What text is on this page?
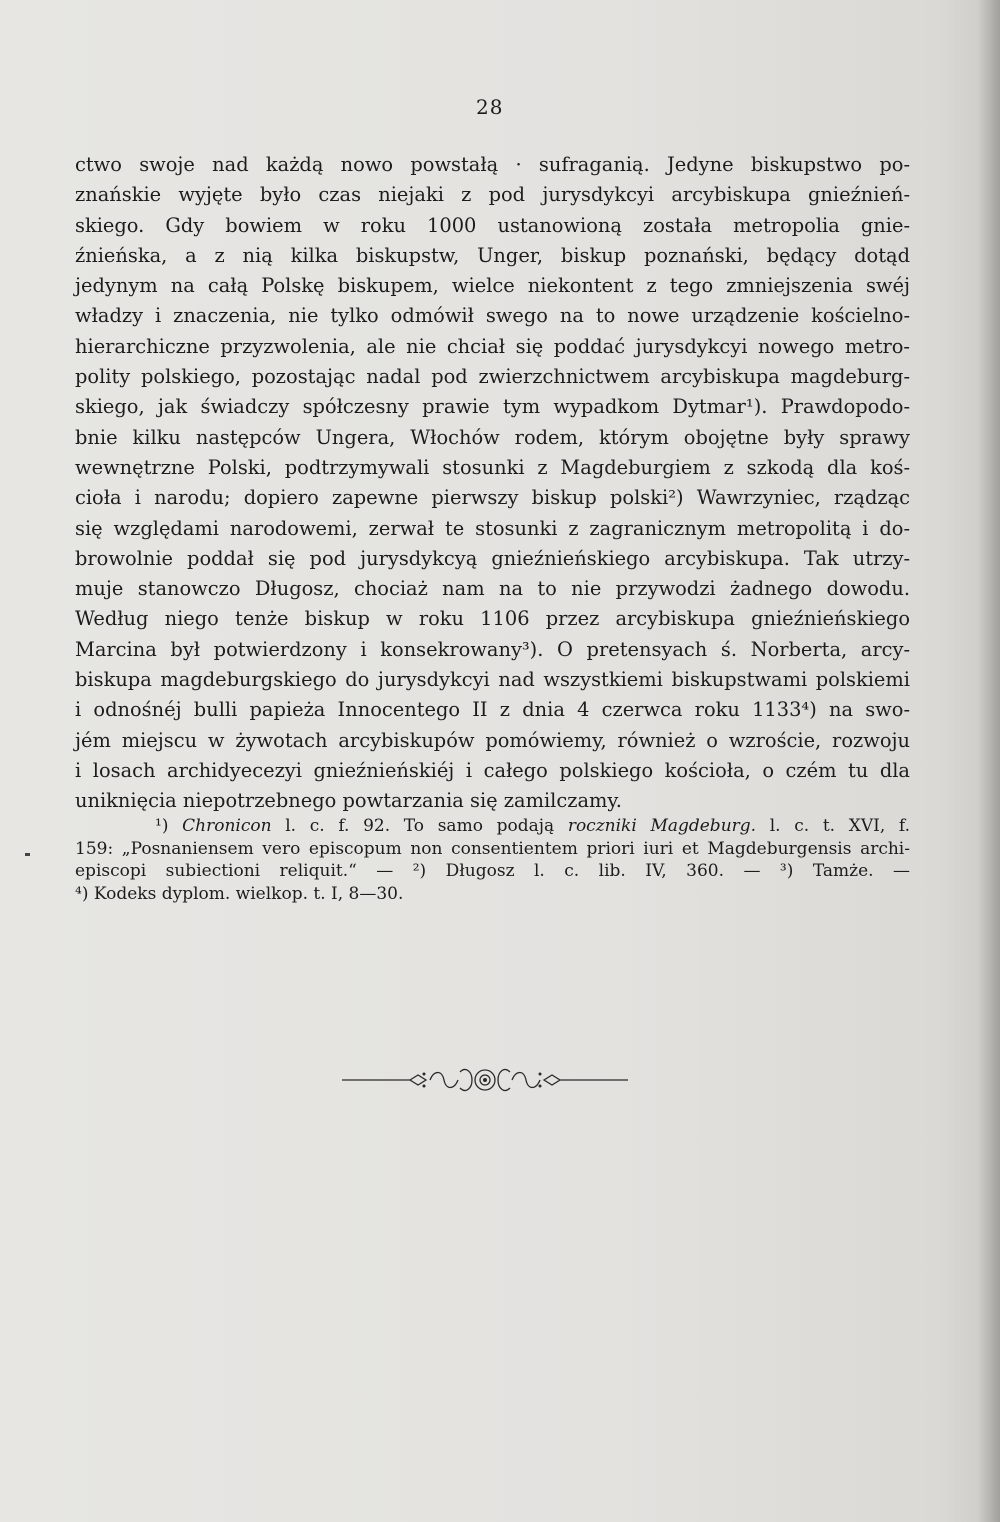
28
ctwo swoje nad każdą nowo powstałą · sufraganią. Jedyne biskupstwo po-
znańskie wyjęte było czas niejaki z pod jurysdykcyi arcybiskupa gnieźnień-
skiego. Gdy bowiem w roku 1000 ustanowioną została metropolia gnie-
źnieńska, a z nią kilka biskupstw, Unger, biskup poznański, będący dotąd
jedynym na całą Polskę biskupem, wielce niekontent z tego zmniejszenia swéj
władzy i znaczenia, nie tylko odmówił swego na to nowe urządzenie kościelno-
hierarchiczne przyzwolenia, ale nie chciał się poddać jurysdykcyi nowego metro-
polity polskiego, pozostając nadal pod zwierzchnictwem arcybiskupa magdeburg-
skiego, jak świadczy spółczesny prawie tym wypadkom Dytmar¹). Prawdopodo-
bnie kilku następców Ungera, Włochów rodem, którym obojętne były sprawy
wewnętrzne Polski, podtrzymywali stosunki z Magdeburgiem z szkodą dla koś-
cioła i narodu; dopiero zapewne pierwszy biskup polski²) Wawrzyniec, rządząc
się względami narodowemi, zerwał te stosunki z zagranicznym metropolitą i do-
browolnie poddał się pod jurysdykcyą gnieźnieńskiego arcybiskupa. Tak utrzy-
muje stanowczo Długosz, chociaż nam na to nie przywodzi żadnego dowodu.
Według niego tenże biskup w roku 1106 przez arcybiskupa gnieźnieńskiego
Marcina był potwierdzony i konsekrowany³). O pretensyach ś. Norberta, arcy-
biskupa magdeburgskiego do jurysdykcyi nad wszystkiemi biskupstwami polskiemi
i odnośnéj bulli papieża Innocentego II z dnia 4 czerwca roku 1133⁴) na swo-
jém miejscu w żywotach arcybiskupów pomówiemy, również o wzroście, rozwoju
i losach archidyecezyi gnieźnieńskiéj i całego polskiego kościoła, o czém tu dla
uniknięcia niepotrzebnego powtarzania się zamilczamy.
¹) Chronicon l. c. f. 92. To samo podają roczniki Magdeburg. l. c. t. XVI, f.
159: „Posnaniensem vero episcopum non consentientem priori iuri et Magdeburgensis archi-
episcopi subiectioni reliquit.“ — ²) Długosz l. c. lib. IV, 360. — ³) Tamże. —
⁴) Kodeks dyplom. wielkop. t. I, 8—30.
